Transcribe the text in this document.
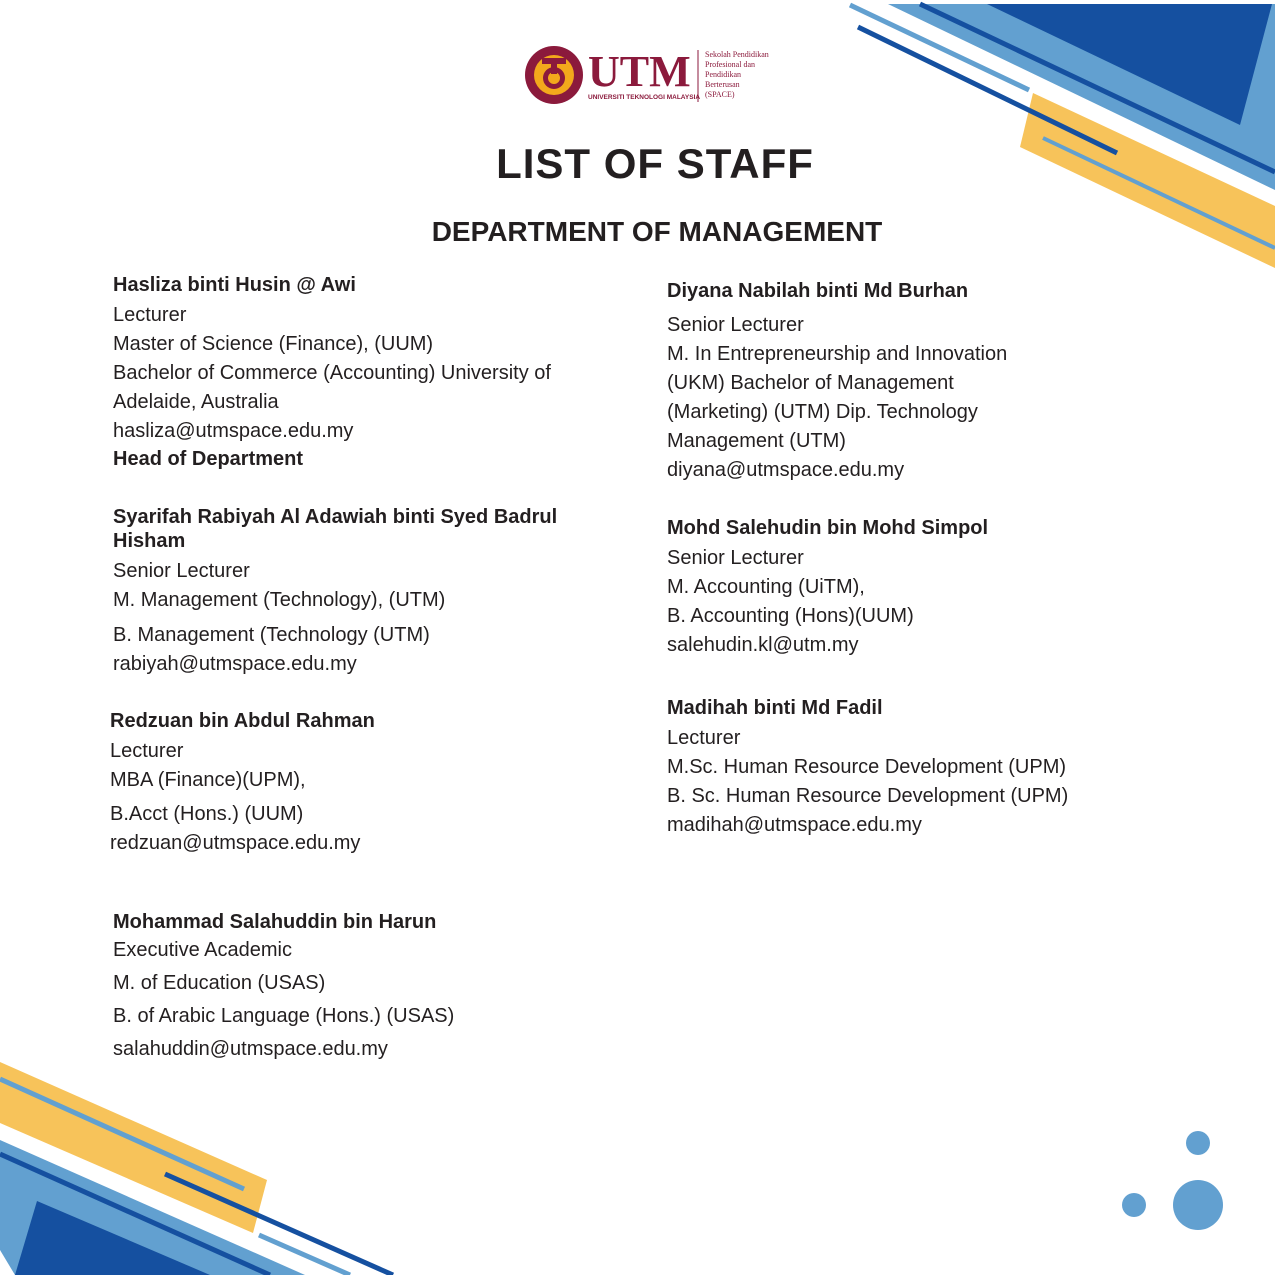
UTM
UNIVERSITI TEKNOLOGI MALAYSIA
Sekolah Pendidikan
Profesional dan
Pendidikan
Berterusan
(SPACE)
LIST OF STAFF
DEPARTMENT OF MANAGEMENT
Hasliza binti Husin @ Awi
Lecturer
Master of Science (Finance), (UUM)
Bachelor of Commerce (Accounting) University of
Adelaide, Australia
hasliza@utmspace.edu.my
Head of Department
Syarifah Rabiyah Al Adawiah binti Syed Badrul Hisham
Senior Lecturer
M. Management (Technology), (UTM)
B. Management (Technology (UTM)
rabiyah@utmspace.edu.my
Redzuan bin Abdul Rahman
Lecturer
MBA (Finance)(UPM),
B.Acct (Hons.) (UUM)
redzuan@utmspace.edu.my
Mohammad Salahuddin bin Harun
Executive Academic
M. of Education (USAS)
B. of Arabic Language (Hons.) (USAS)
salahuddin@utmspace.edu.my
Diyana Nabilah binti Md Burhan
Senior Lecturer
M. In Entrepreneurship and Innovation
(UKM) Bachelor of Management
(Marketing) (UTM) Dip. Technology
Management (UTM)
diyana@utmspace.edu.my
Mohd Salehudin bin Mohd Simpol
Senior Lecturer
M. Accounting (UiTM),
B. Accounting (Hons)(UUM)
salehudin.kl@utm.my
Madihah binti Md Fadil
Lecturer
M.Sc. Human Resource Development (UPM)
B. Sc. Human Resource Development (UPM)
madihah@utmspace.edu.my
